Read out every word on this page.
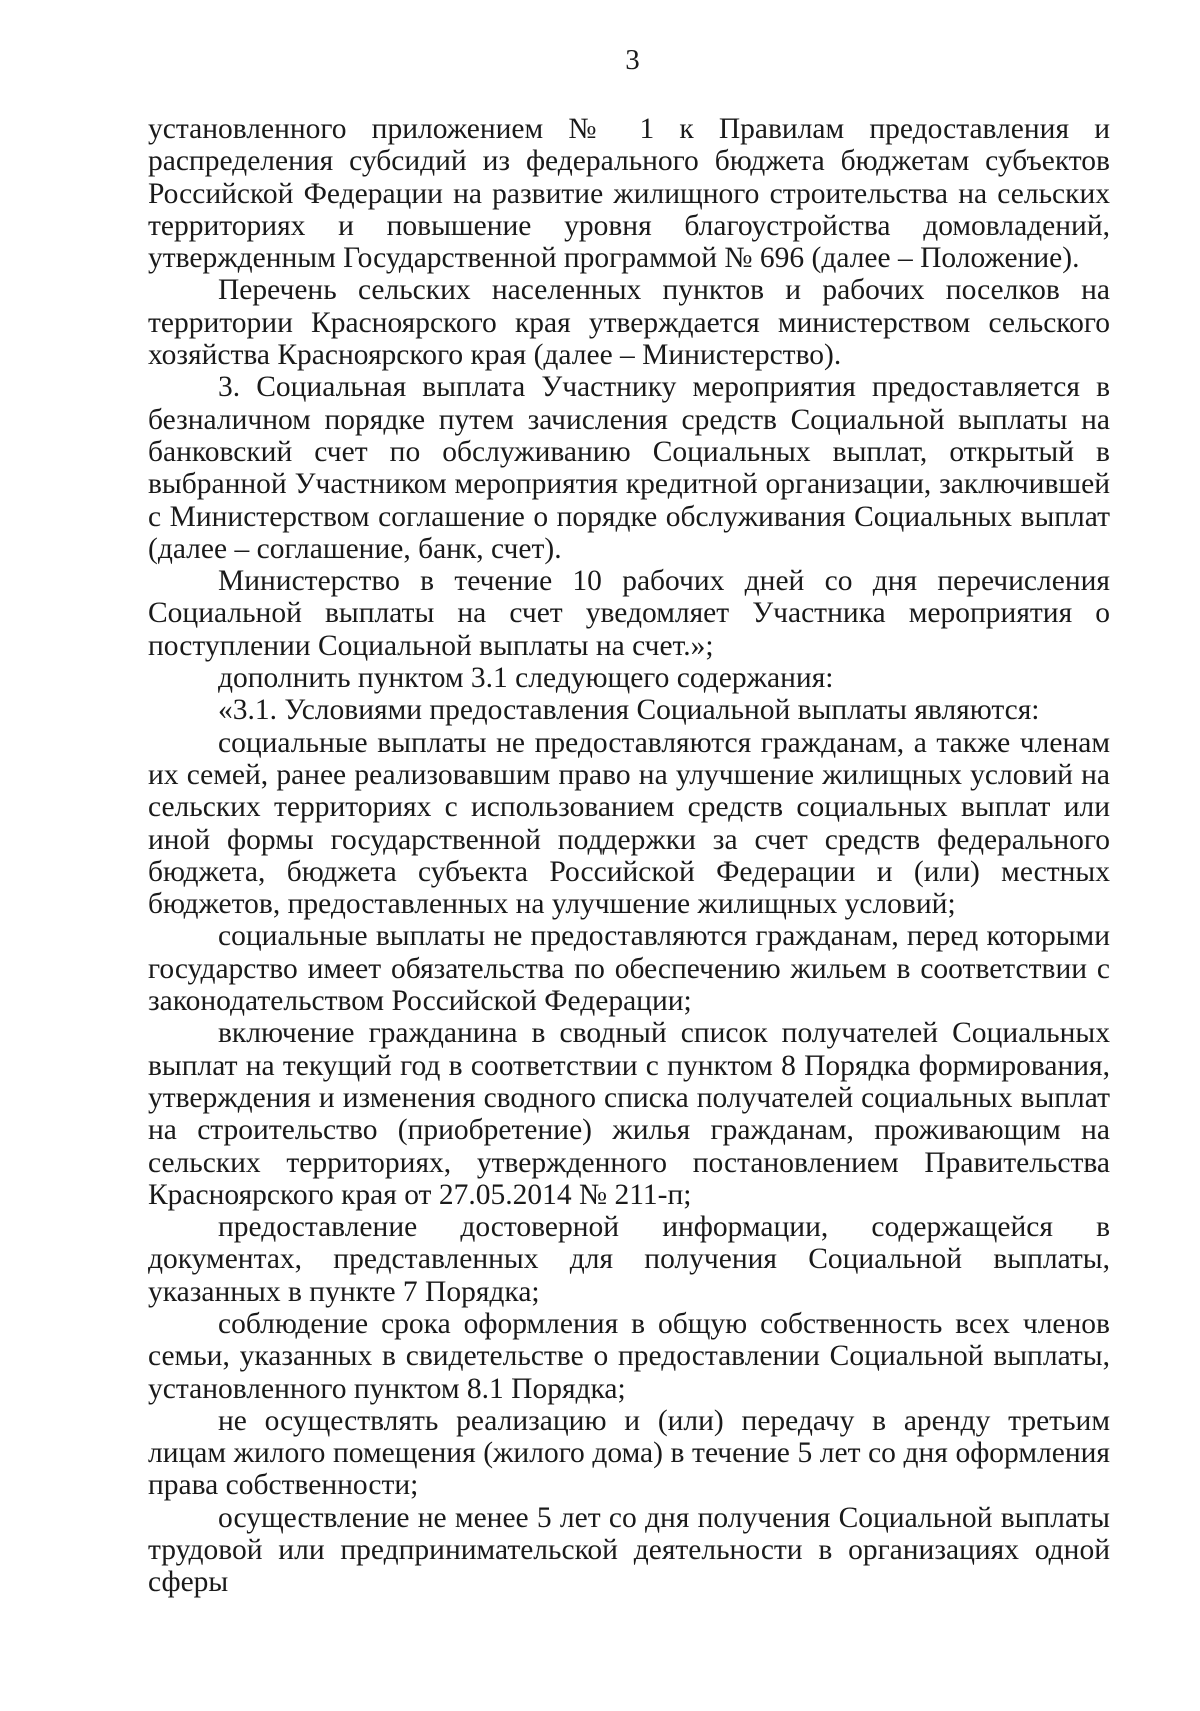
3

установленного приложением № 1 к Правилам предоставления и распределения субсидий из федерального бюджета бюджетам субъектов Российской Федерации на развитие жилищного строительства на сельских территориях и повышение уровня благоустройства домовладений, утвержденным Государственной программой № 696 (далее – Положение).

Перечень сельских населенных пунктов и рабочих поселков на территории Красноярского края утверждается министерством сельского хозяйства Красноярского края (далее – Министерство).

3. Социальная выплата Участнику мероприятия предоставляется в безналичном порядке путем зачисления средств Социальной выплаты на банковский счет по обслуживанию Социальных выплат, открытый в выбранной Участником мероприятия кредитной организации, заключившей с Министерством соглашение о порядке обслуживания Социальных выплат (далее – соглашение, банк, счет).

Министерство в течение 10 рабочих дней со дня перечисления Социальной выплаты на счет уведомляет Участника мероприятия о поступлении Социальной выплаты на счет.»;

дополнить пунктом 3.1 следующего содержания:

«3.1. Условиями предоставления Социальной выплаты являются:

социальные выплаты не предоставляются гражданам, а также членам их семей, ранее реализовавшим право на улучшение жилищных условий на сельских территориях с использованием средств социальных выплат или иной формы государственной поддержки за счет средств федерального бюджета, бюджета субъекта Российской Федерации и (или) местных бюджетов, предоставленных на улучшение жилищных условий;

социальные выплаты не предоставляются гражданам, перед которыми государство имеет обязательства по обеспечению жильем в соответствии с законодательством Российской Федерации;

включение гражданина в сводный список получателей Социальных выплат на текущий год в соответствии с пунктом 8 Порядка формирования, утверждения и изменения сводного списка получателей социальных выплат на строительство (приобретение) жилья гражданам, проживающим на сельских территориях, утвержденного постановлением Правительства Красноярского края от 27.05.2014 № 211-п;

предоставление достоверной информации, содержащейся в документах, представленных для получения Социальной выплаты, указанных в пункте 7 Порядка;

соблюдение срока оформления в общую собственность всех членов семьи, указанных в свидетельстве о предоставлении Социальной выплаты, установленного пунктом 8.1 Порядка;

не осуществлять реализацию и (или) передачу в аренду третьим лицам жилого помещения (жилого дома) в течение 5 лет со дня оформления права собственности;

осуществление не менее 5 лет со дня получения Социальной выплаты трудовой или предпринимательской деятельности в организациях одной сферы
